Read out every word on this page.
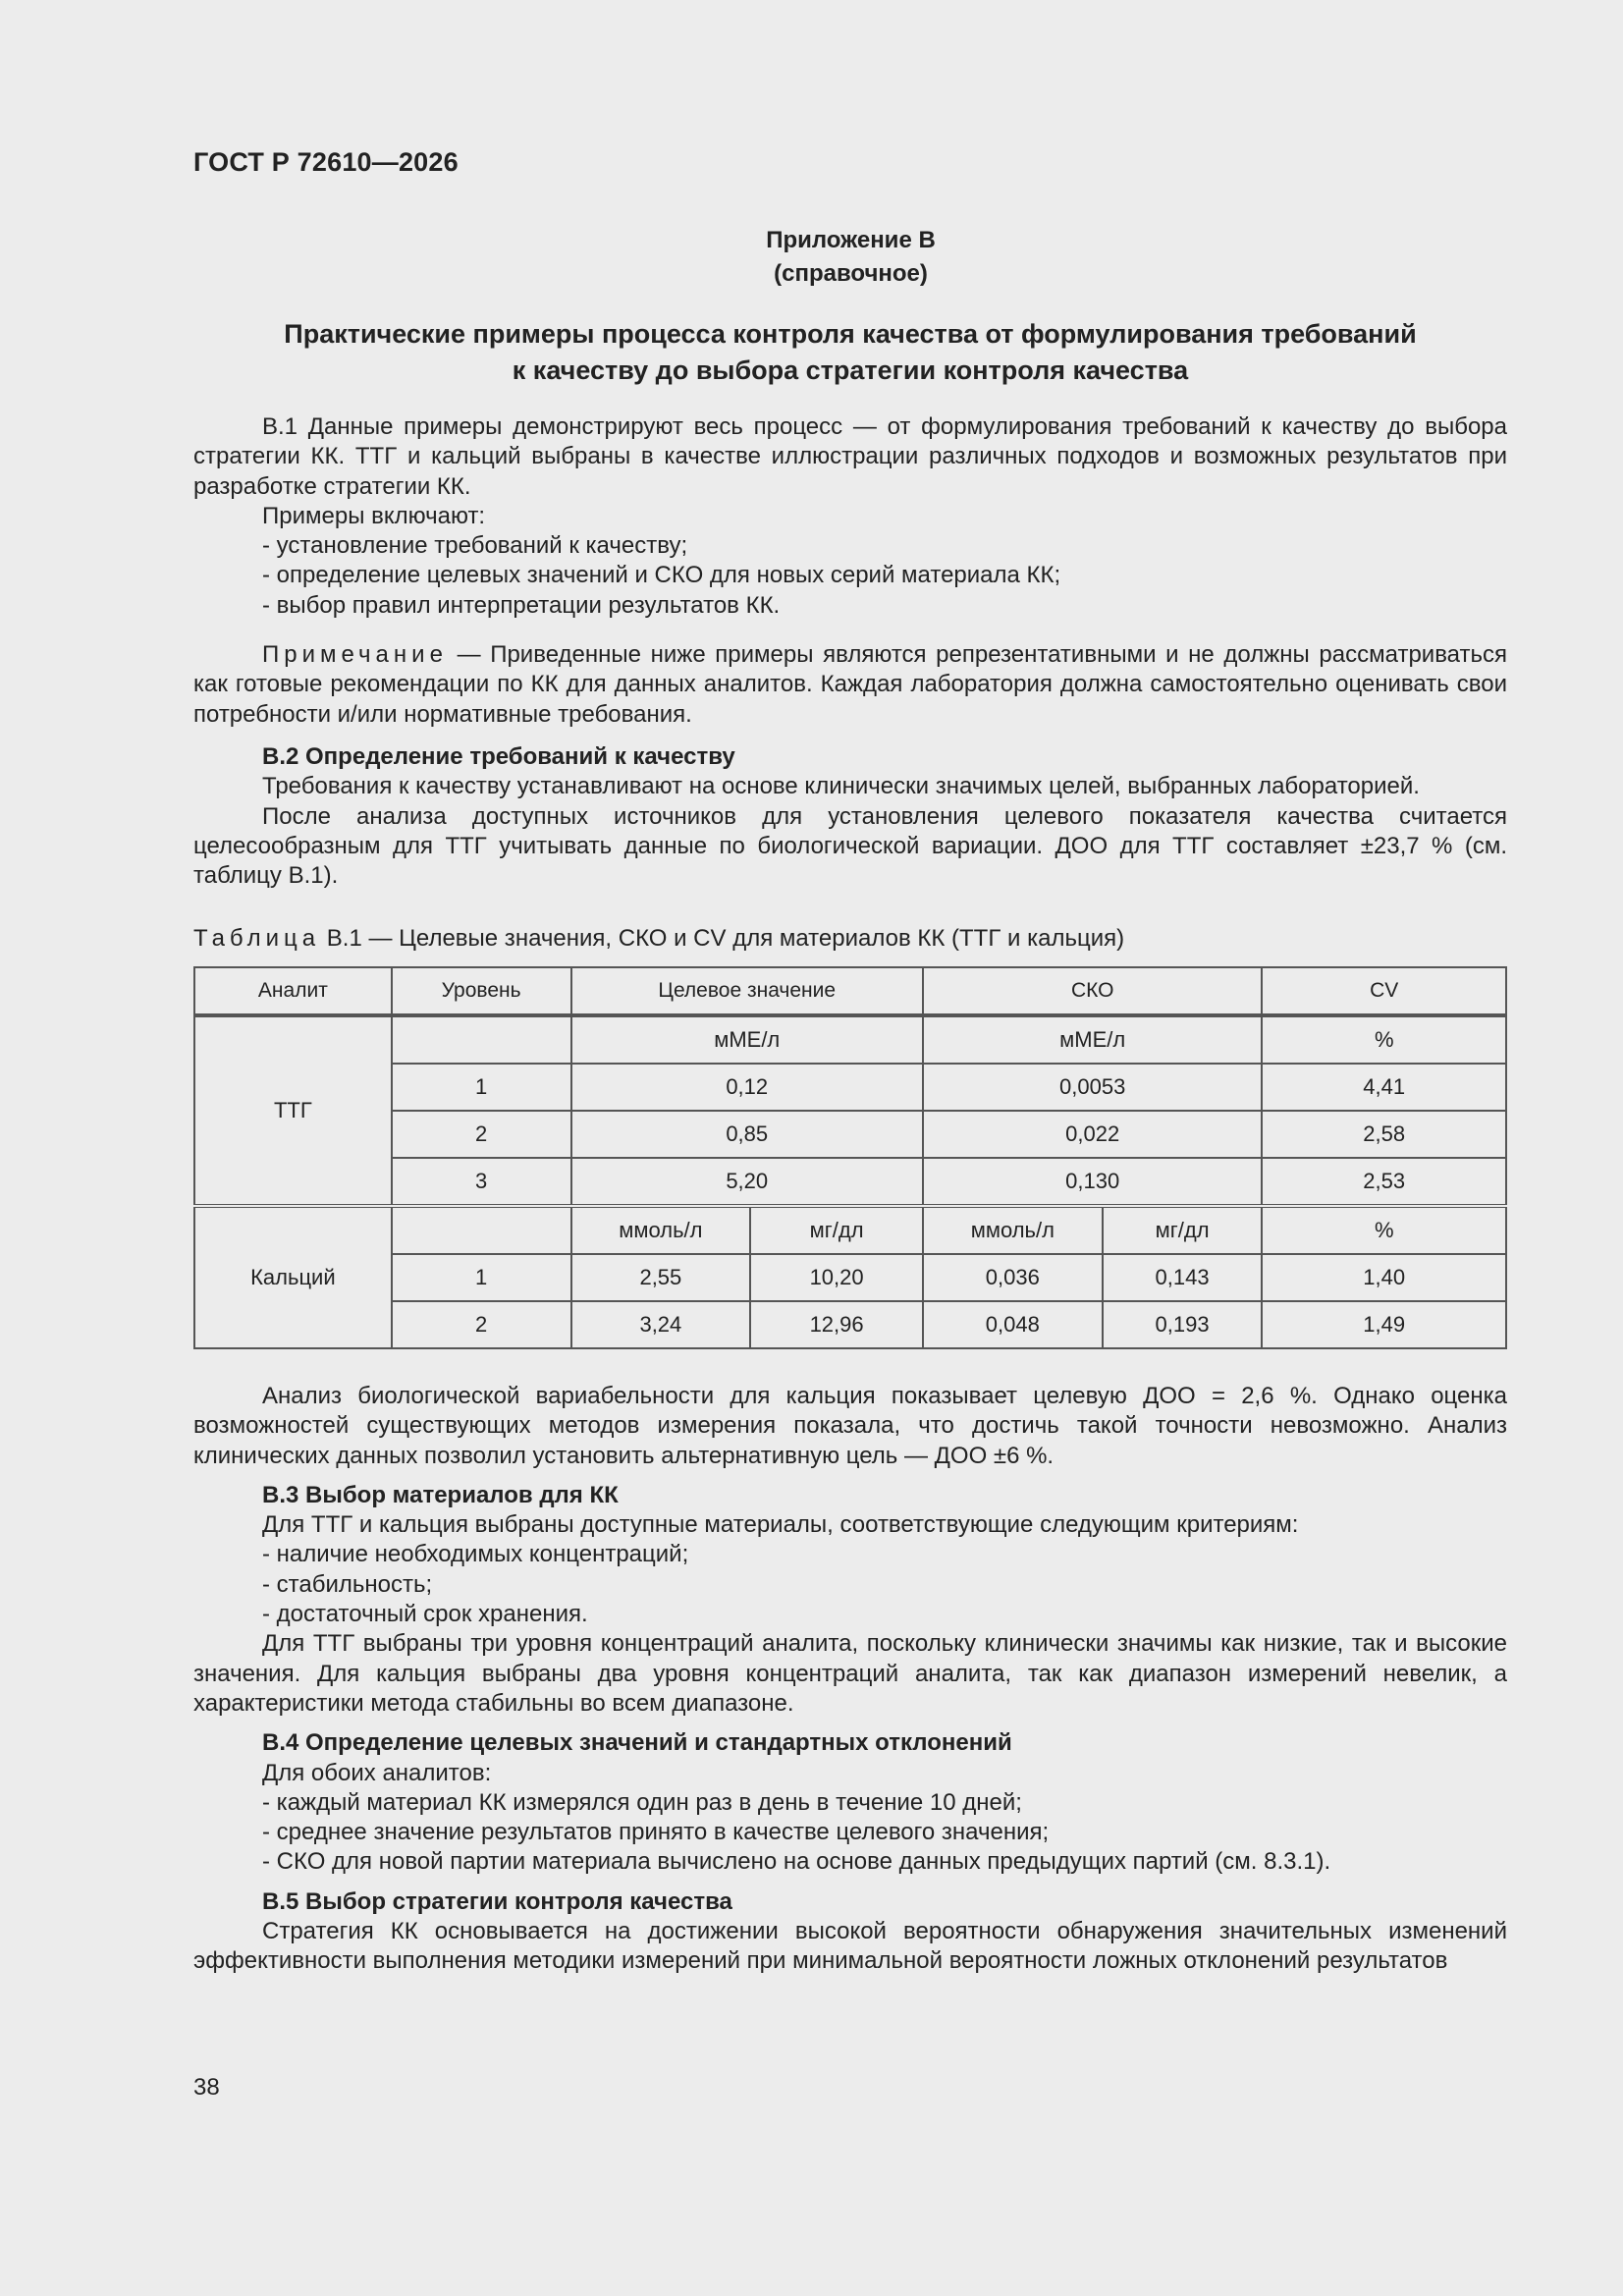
ГОСТ Р 72610—2026
Приложение В
(справочное)
Практические примеры процесса контроля качества от формулирования требований
к качеству до выбора стратегии контроля качества

В.1 Данные примеры демонстрируют весь процесс — от формулирования требований к качеству до выбора стратегии КК. ТТГ и кальций выбраны в качестве иллюстрации различных подходов и возможных результатов при разработке стратегии КК.

Примеры включают:

- установление требований к качеству;

- определение целевых значений и СКО для новых серий материала КК;

- выбор правил интерпретации результатов КК.

Примечание — Приведенные ниже примеры являются репрезентативными и не должны рассматриваться как готовые рекомендации по КК для данных аналитов. Каждая лаборатория должна самостоятельно оценивать свои потребности и/или нормативные требования.

В.2 Определение требований к качеству

Требования к качеству устанавливают на основе клинически значимых целей, выбранных лабораторией.

После анализа доступных источников для установления целевого показателя качества считается целесообразным для ТТГ учитывать данные по биологической вариации. ДОО для ТТГ составляет ±23,7 % (см. таблицу В.1).

Таблица В.1 — Целевые значения, СКО и CV для материалов КК (ТТГ и кальция)
Аналит	Уровень	Целевое значение		СКО		CV
ТТГ		мМЕ/л		мМЕ/л		%
	1	0,12		0,0053		4,41
	2	0,85		0,022		2,58
	3	5,20		0,130		2,53
Кальций		ммоль/л	мг/дл	ммоль/л	мг/дл	%
	1	2,55	10,20	0,036	0,143	1,40
	2	3,24	12,96	0,048	0,193	1,49

Анализ биологической вариабельности для кальция показывает целевую ДОО = 2,6 %. Однако оценка возможностей существующих методов измерения показала, что достичь такой точности невозможно. Анализ клинических данных позволил установить альтернативную цель — ДОО ±6 %.

В.3 Выбор материалов для КК

Для ТТГ и кальция выбраны доступные материалы, соответствующие следующим критериям:

- наличие необходимых концентраций;

- стабильность;

- достаточный срок хранения.

Для ТТГ выбраны три уровня концентраций аналита, поскольку клинически значимы как низкие, так и высокие значения. Для кальция выбраны два уровня концентраций аналита, так как диапазон измерений невелик, а характеристики метода стабильны во всем диапазоне.

В.4 Определение целевых значений и стандартных отклонений

Для обоих аналитов:

- каждый материал КК измерялся один раз в день в течение 10 дней;

- среднее значение результатов принято в качестве целевого значения;

- СКО для новой партии материала вычислено на основе данных предыдущих партий (см. 8.3.1).

В.5 Выбор стратегии контроля качества

Стратегия КК основывается на достижении высокой вероятности обнаружения значительных изменений эффективности выполнения методики измерений при минимальной вероятности ложных отклонений результатов

38
